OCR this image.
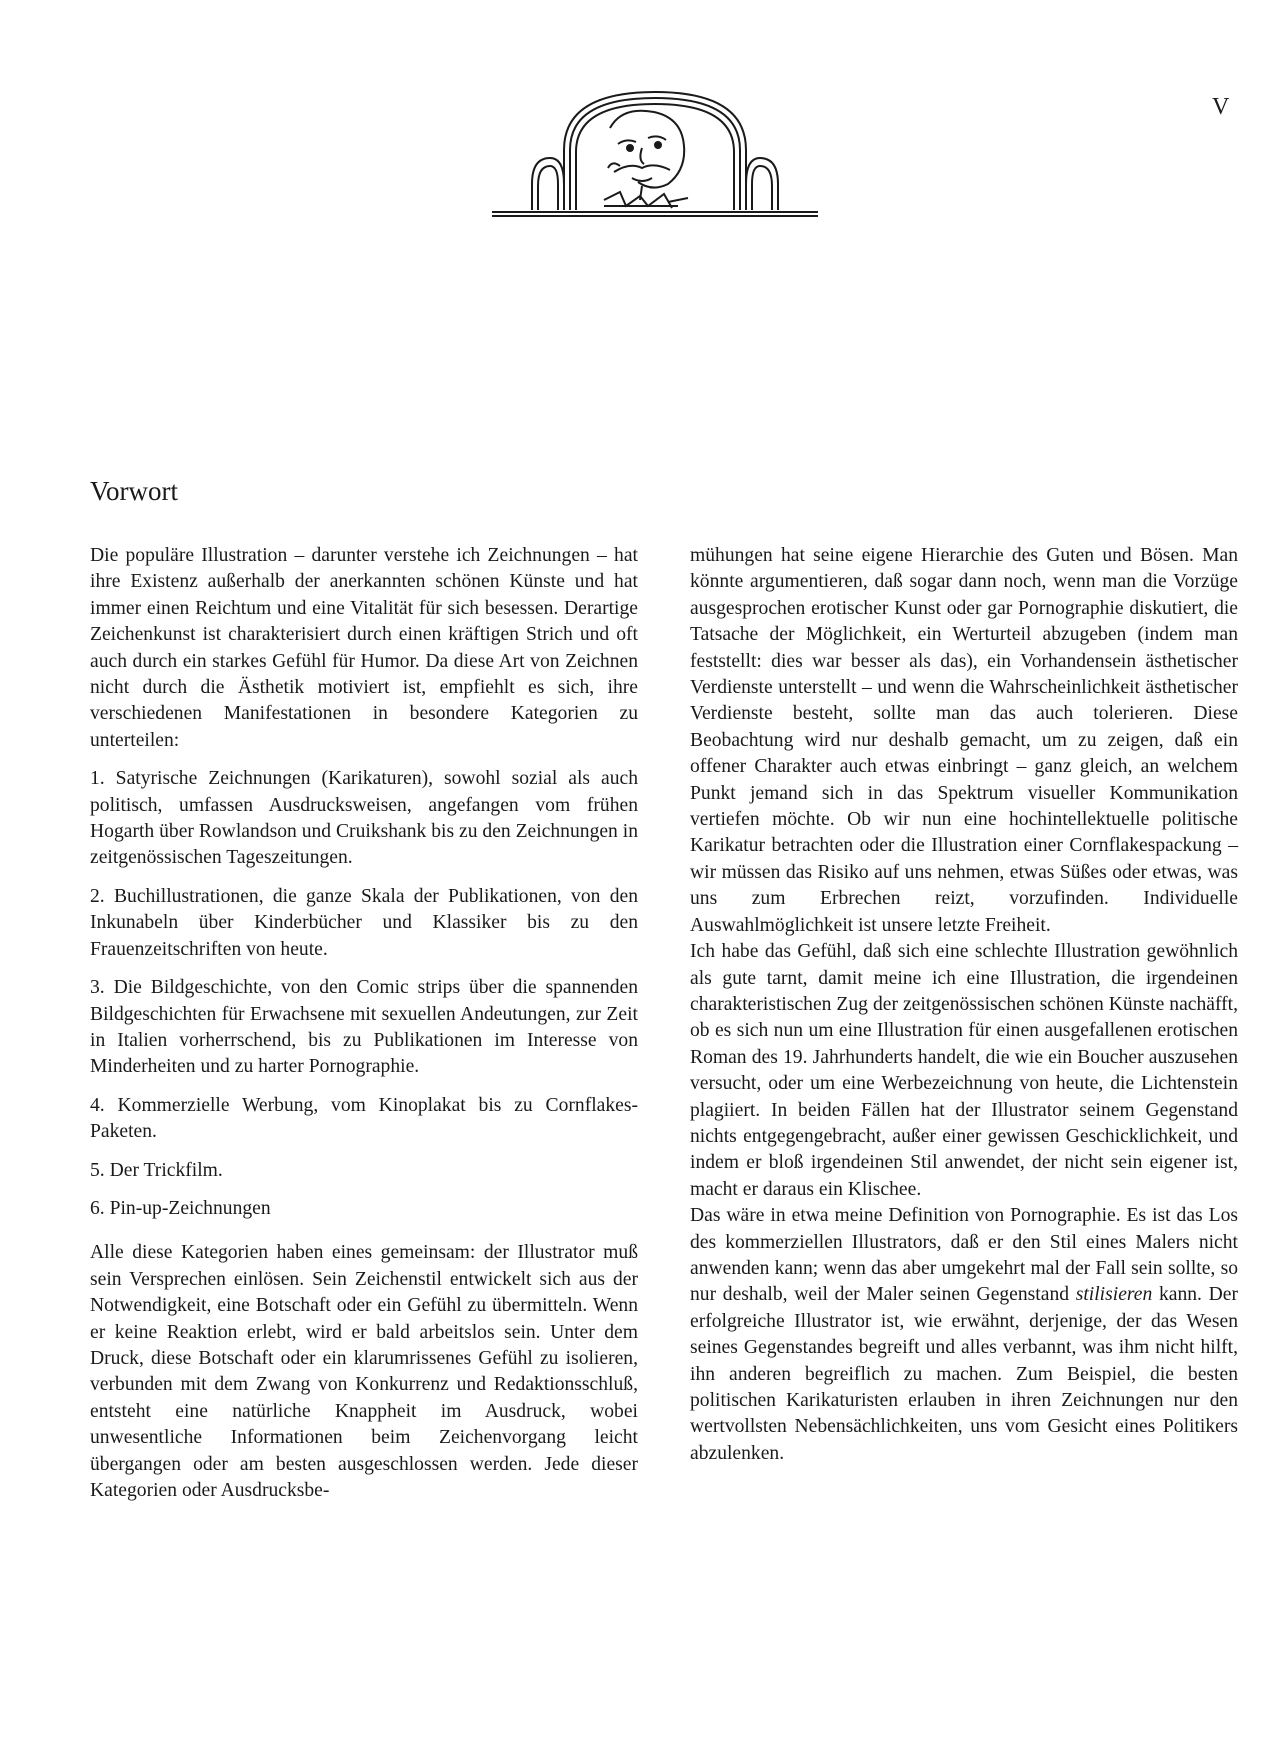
V
Vorwort

Die populäre Illustration – darunter verstehe ich Zeichnungen – hat ihre Existenz außerhalb der anerkannten schönen Künste und hat immer einen Reichtum und eine Vitalität für sich besessen. Derartige Zeichenkunst ist charakterisiert durch einen kräftigen Strich und oft auch durch ein starkes Gefühl für Humor. Da diese Art von Zeichnen nicht durch die Ästhetik motiviert ist, empfiehlt es sich, ihre verschiedenen Manifestationen in besondere Kategorien zu unterteilen:

1. Satyrische Zeichnungen (Karikaturen), sowohl sozial als auch politisch, umfassen Ausdrucksweisen, angefangen vom frühen Hogarth über Rowlandson und Cruikshank bis zu den Zeichnungen in zeitgenössischen Tageszeitungen.

2. Buchillustrationen, die ganze Skala der Publikationen, von den Inkunabeln über Kinderbücher und Klassiker bis zu den Frauenzeitschriften von heute.

3. Die Bildgeschichte, von den Comic strips über die spannenden Bildgeschichten für Erwachsene mit sexuellen Andeutungen, zur Zeit in Italien vorherrschend, bis zu Publikationen im Interesse von Minderheiten und zu harter Pornographie.

4. Kommerzielle Werbung, vom Kinoplakat bis zu Cornflakes-Paketen.

5. Der Trickfilm.

6. Pin-up-Zeichnungen

Alle diese Kategorien haben eines gemeinsam: der Illustrator muß sein Versprechen einlösen. Sein Zeichenstil entwickelt sich aus der Notwendigkeit, eine Botschaft oder ein Gefühl zu übermitteln. Wenn er keine Reaktion erlebt, wird er bald arbeitslos sein. Unter dem Druck, diese Botschaft oder ein klarumrissenes Gefühl zu isolieren, verbunden mit dem Zwang von Konkurrenz und Redaktionsschluß, entsteht eine natürliche Knappheit im Ausdruck, wobei unwesentliche Informationen beim Zeichenvorgang leicht übergangen oder am besten ausgeschlossen werden. Jede dieser Kategorien oder Ausdrucksbe-

mühungen hat seine eigene Hierarchie des Guten und Bösen. Man könnte argumentieren, daß sogar dann noch, wenn man die Vorzüge ausgesprochen erotischer Kunst oder gar Pornographie diskutiert, die Tatsache der Möglichkeit, ein Werturteil abzugeben (indem man feststellt: dies war besser als das), ein Vorhandensein ästhetischer Verdienste unterstellt – und wenn die Wahrscheinlichkeit ästhetischer Verdienste besteht, sollte man das auch tolerieren. Diese Beobachtung wird nur deshalb gemacht, um zu zeigen, daß ein offener Charakter auch etwas einbringt – ganz gleich, an welchem Punkt jemand sich in das Spektrum visueller Kommunikation vertiefen möchte. Ob wir nun eine hochintellektuelle politische Karikatur betrachten oder die Illustration einer Cornflakespackung – wir müssen das Risiko auf uns nehmen, etwas Süßes oder etwas, was uns zum Erbrechen reizt, vorzufinden. Individuelle Auswahlmöglichkeit ist unsere letzte Freiheit.

Ich habe das Gefühl, daß sich eine schlechte Illustration gewöhnlich als gute tarnt, damit meine ich eine Illustration, die irgendeinen charakteristischen Zug der zeitgenössischen schönen Künste nachäfft, ob es sich nun um eine Illustration für einen ausgefallenen erotischen Roman des 19. Jahrhunderts handelt, die wie ein Boucher auszusehen versucht, oder um eine Werbezeichnung von heute, die Lichtenstein plagiiert. In beiden Fällen hat der Illustrator seinem Gegenstand nichts entgegengebracht, außer einer gewissen Geschicklichkeit, und indem er bloß irgendeinen Stil anwendet, der nicht sein eigener ist, macht er daraus ein Klischee.

Das wäre in etwa meine Definition von Pornographie. Es ist das Los des kommerziellen Illustrators, daß er den Stil eines Malers nicht anwenden kann; wenn das aber umgekehrt mal der Fall sein sollte, so nur deshalb, weil der Maler seinen Gegenstand stilisieren kann. Der erfolgreiche Illustrator ist, wie erwähnt, derjenige, der das Wesen seines Gegenstandes begreift und alles verbannt, was ihm nicht hilft, ihn anderen begreiflich zu machen. Zum Beispiel, die besten politischen Karikaturisten erlauben in ihren Zeichnungen nur den wertvollsten Nebensächlichkeiten, uns vom Gesicht eines Politikers abzulenken.
